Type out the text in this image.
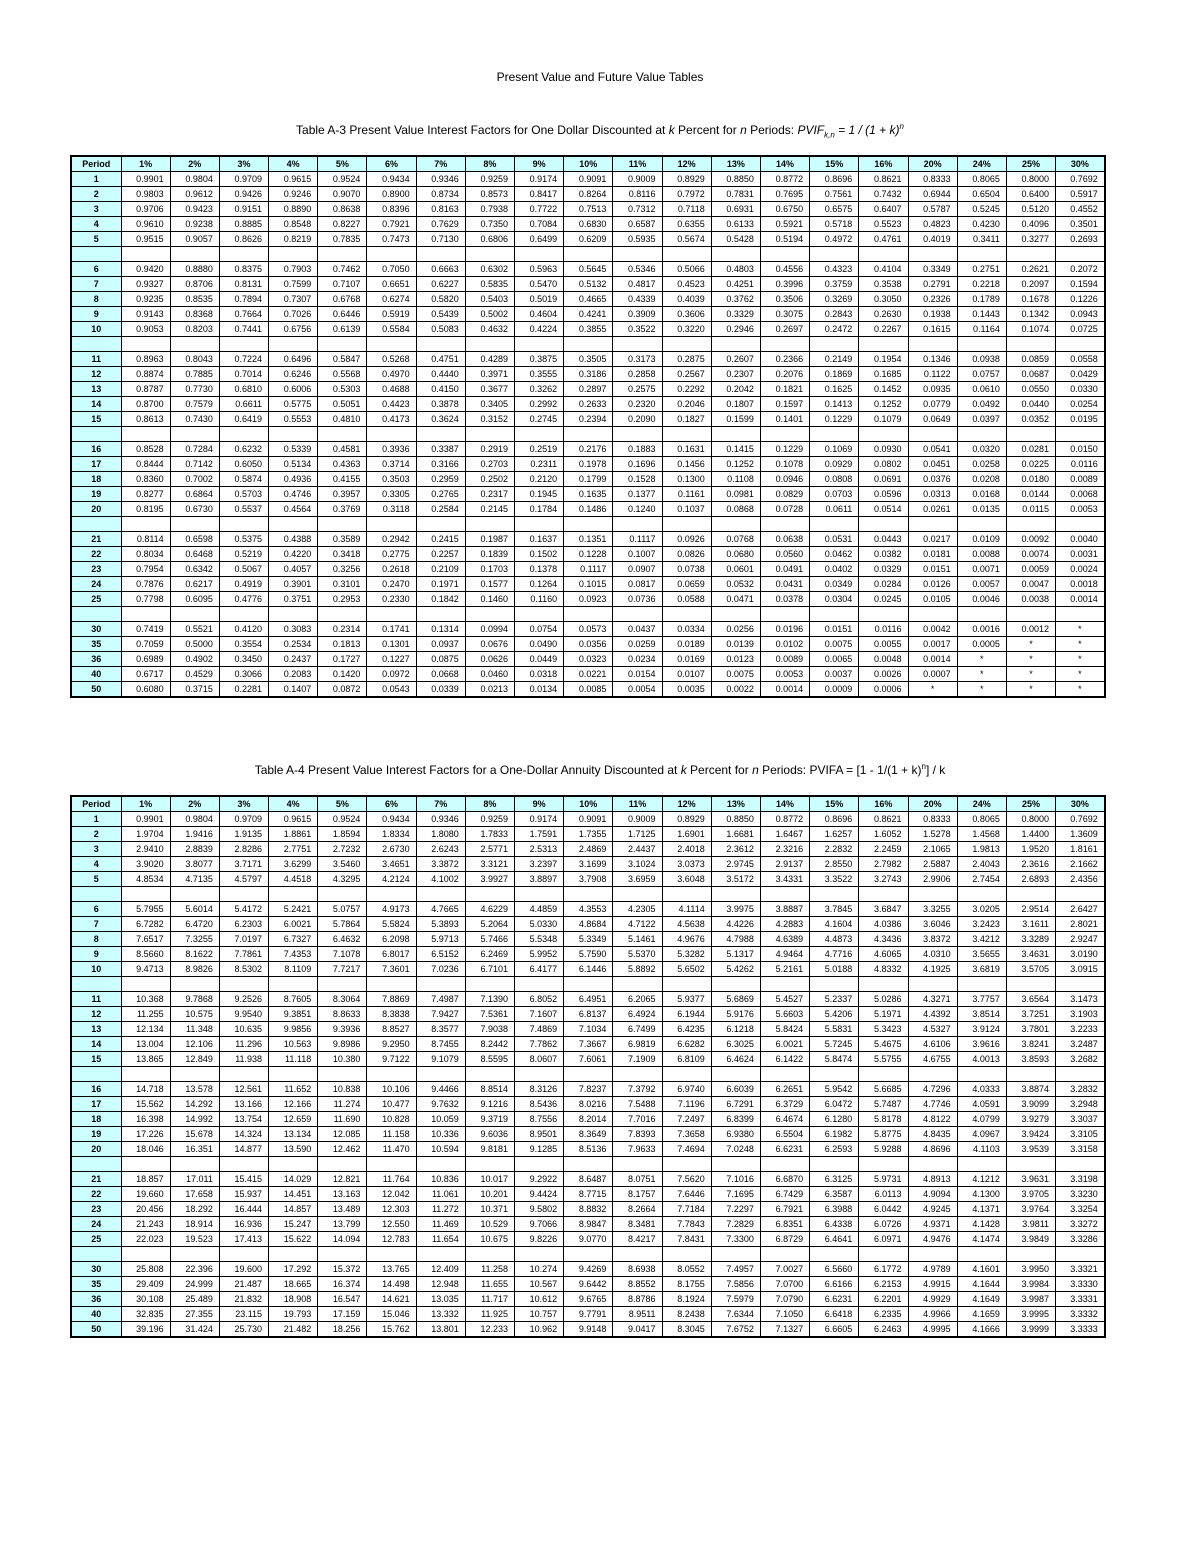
Present Value and Future Value Tables
Table A-3 Present Value Interest Factors for One Dollar Discounted at k Percent for n Periods: $PVIF_{k,n} = 1 / (1 + k)^n$
Period	1%	2%	3%	4%	5%	6%	7%	8%	9%	10%	11%	12%	13%	14%	15%	16%	20%	24%	25%	30%
1	0.9901	0.9804	0.9709	0.9615	0.9524	0.9434	0.9346	0.9259	0.9174	0.9091	0.9009	0.8929	0.8850	0.8772	0.8696	0.8621	0.8333	0.8065	0.8000	0.7692
2	0.9803	0.9612	0.9426	0.9246	0.9070	0.8900	0.8734	0.8573	0.8417	0.8264	0.8116	0.7972	0.7831	0.7695	0.7561	0.7432	0.6944	0.6504	0.6400	0.5917
3	0.9706	0.9423	0.9151	0.8890	0.8638	0.8396	0.8163	0.7938	0.7722	0.7513	0.7312	0.7118	0.6931	0.6750	0.6575	0.6407	0.5787	0.5245	0.5120	0.4552
4	0.9610	0.9238	0.8885	0.8548	0.8227	0.7921	0.7629	0.7350	0.7084	0.6830	0.6587	0.6355	0.6133	0.5921	0.5718	0.5523	0.4823	0.4230	0.4096	0.3501
5	0.9515	0.9057	0.8626	0.8219	0.7835	0.7473	0.7130	0.6806	0.6499	0.6209	0.5935	0.5674	0.5428	0.5194	0.4972	0.4761	0.4019	0.3411	0.3277	0.2693

6	0.9420	0.8880	0.8375	0.7903	0.7462	0.7050	0.6663	0.6302	0.5963	0.5645	0.5346	0.5066	0.4803	0.4556	0.4323	0.4104	0.3349	0.2751	0.2621	0.2072
7	0.9327	0.8706	0.8131	0.7599	0.7107	0.6651	0.6227	0.5835	0.5470	0.5132	0.4817	0.4523	0.4251	0.3996	0.3759	0.3538	0.2791	0.2218	0.2097	0.1594
8	0.9235	0.8535	0.7894	0.7307	0.6768	0.6274	0.5820	0.5403	0.5019	0.4665	0.4339	0.4039	0.3762	0.3506	0.3269	0.3050	0.2326	0.1789	0.1678	0.1226
9	0.9143	0.8368	0.7664	0.7026	0.6446	0.5919	0.5439	0.5002	0.4604	0.4241	0.3909	0.3606	0.3329	0.3075	0.2843	0.2630	0.1938	0.1443	0.1342	0.0943
10	0.9053	0.8203	0.7441	0.6756	0.6139	0.5584	0.5083	0.4632	0.4224	0.3855	0.3522	0.3220	0.2946	0.2697	0.2472	0.2267	0.1615	0.1164	0.1074	0.0725

11	0.8963	0.8043	0.7224	0.6496	0.5847	0.5268	0.4751	0.4289	0.3875	0.3505	0.3173	0.2875	0.2607	0.2366	0.2149	0.1954	0.1346	0.0938	0.0859	0.0558
12	0.8874	0.7885	0.7014	0.6246	0.5568	0.4970	0.4440	0.3971	0.3555	0.3186	0.2858	0.2567	0.2307	0.2076	0.1869	0.1685	0.1122	0.0757	0.0687	0.0429
13	0.8787	0.7730	0.6810	0.6006	0.5303	0.4688	0.4150	0.3677	0.3262	0.2897	0.2575	0.2292	0.2042	0.1821	0.1625	0.1452	0.0935	0.0610	0.0550	0.0330
14	0.8700	0.7579	0.6611	0.5775	0.5051	0.4423	0.3878	0.3405	0.2992	0.2633	0.2320	0.2046	0.1807	0.1597	0.1413	0.1252	0.0779	0.0492	0.0440	0.0254
15	0.8613	0.7430	0.6419	0.5553	0.4810	0.4173	0.3624	0.3152	0.2745	0.2394	0.2090	0.1827	0.1599	0.1401	0.1229	0.1079	0.0649	0.0397	0.0352	0.0195

16	0.8528	0.7284	0.6232	0.5339	0.4581	0.3936	0.3387	0.2919	0.2519	0.2176	0.1883	0.1631	0.1415	0.1229	0.1069	0.0930	0.0541	0.0320	0.0281	0.0150
17	0.8444	0.7142	0.6050	0.5134	0.4363	0.3714	0.3166	0.2703	0.2311	0.1978	0.1696	0.1456	0.1252	0.1078	0.0929	0.0802	0.0451	0.0258	0.0225	0.0116
18	0.8360	0.7002	0.5874	0.4936	0.4155	0.3503	0.2959	0.2502	0.2120	0.1799	0.1528	0.1300	0.1108	0.0946	0.0808	0.0691	0.0376	0.0208	0.0180	0.0089
19	0.8277	0.6864	0.5703	0.4746	0.3957	0.3305	0.2765	0.2317	0.1945	0.1635	0.1377	0.1161	0.0981	0.0829	0.0703	0.0596	0.0313	0.0168	0.0144	0.0068
20	0.8195	0.6730	0.5537	0.4564	0.3769	0.3118	0.2584	0.2145	0.1784	0.1486	0.1240	0.1037	0.0868	0.0728	0.0611	0.0514	0.0261	0.0135	0.0115	0.0053

21	0.8114	0.6598	0.5375	0.4388	0.3589	0.2942	0.2415	0.1987	0.1637	0.1351	0.1117	0.0926	0.0768	0.0638	0.0531	0.0443	0.0217	0.0109	0.0092	0.0040
22	0.8034	0.6468	0.5219	0.4220	0.3418	0.2775	0.2257	0.1839	0.1502	0.1228	0.1007	0.0826	0.0680	0.0560	0.0462	0.0382	0.0181	0.0088	0.0074	0.0031
23	0.7954	0.6342	0.5067	0.4057	0.3256	0.2618	0.2109	0.1703	0.1378	0.1117	0.0907	0.0738	0.0601	0.0491	0.0402	0.0329	0.0151	0.0071	0.0059	0.0024
24	0.7876	0.6217	0.4919	0.3901	0.3101	0.2470	0.1971	0.1577	0.1264	0.1015	0.0817	0.0659	0.0532	0.0431	0.0349	0.0284	0.0126	0.0057	0.0047	0.0018
25	0.7798	0.6095	0.4776	0.3751	0.2953	0.2330	0.1842	0.1460	0.1160	0.0923	0.0736	0.0588	0.0471	0.0378	0.0304	0.0245	0.0105	0.0046	0.0038	0.0014

30	0.7419	0.5521	0.4120	0.3083	0.2314	0.1741	0.1314	0.0994	0.0754	0.0573	0.0437	0.0334	0.0256	0.0196	0.0151	0.0116	0.0042	0.0016	0.0012	*
35	0.7059	0.5000	0.3554	0.2534	0.1813	0.1301	0.0937	0.0676	0.0490	0.0356	0.0259	0.0189	0.0139	0.0102	0.0075	0.0055	0.0017	0.0005	*	*
36	0.6989	0.4902	0.3450	0.2437	0.1727	0.1227	0.0875	0.0626	0.0449	0.0323	0.0234	0.0169	0.0123	0.0089	0.0065	0.0048	0.0014	*	*	*
40	0.6717	0.4529	0.3066	0.2083	0.1420	0.0972	0.0668	0.0460	0.0318	0.0221	0.0154	0.0107	0.0075	0.0053	0.0037	0.0026	0.0007	*	*	*
50	0.6080	0.3715	0.2281	0.1407	0.0872	0.0543	0.0339	0.0213	0.0134	0.0085	0.0054	0.0035	0.0022	0.0014	0.0009	0.0006	*	*	*	*
Table A-4 Present Value Interest Factors for a One-Dollar Annuity Discounted at k Percent for n Periods: PVIFA = $[1 - 1/(1 + k)^n] / k$
Period	1%	2%	3%	4%	5%	6%	7%	8%	9%	10%	11%	12%	13%	14%	15%	16%	20%	24%	25%	30%
1	0.9901	0.9804	0.9709	0.9615	0.9524	0.9434	0.9346	0.9259	0.9174	0.9091	0.9009	0.8929	0.8850	0.8772	0.8696	0.8621	0.8333	0.8065	0.8000	0.7692
2	1.9704	1.9416	1.9135	1.8861	1.8594	1.8334	1.8080	1.7833	1.7591	1.7355	1.7125	1.6901	1.6681	1.6467	1.6257	1.6052	1.5278	1.4568	1.4400	1.3609
3	2.9410	2.8839	2.8286	2.7751	2.7232	2.6730	2.6243	2.5771	2.5313	2.4869	2.4437	2.4018	2.3612	2.3216	2.2832	2.2459	2.1065	1.9813	1.9520	1.8161
4	3.9020	3.8077	3.7171	3.6299	3.5460	3.4651	3.3872	3.3121	3.2397	3.1699	3.1024	3.0373	2.9745	2.9137	2.8550	2.7982	2.5887	2.4043	2.3616	2.1662
5	4.8534	4.7135	4.5797	4.4518	4.3295	4.2124	4.1002	3.9927	3.8897	3.7908	3.6959	3.6048	3.5172	3.4331	3.3522	3.2743	2.9906	2.7454	2.6893	2.4356

6	5.7955	5.6014	5.4172	5.2421	5.0757	4.9173	4.7665	4.6229	4.4859	4.3553	4.2305	4.1114	3.9975	3.8887	3.7845	3.6847	3.3255	3.0205	2.9514	2.6427
7	6.7282	6.4720	6.2303	6.0021	5.7864	5.5824	5.3893	5.2064	5.0330	4.8684	4.7122	4.5638	4.4226	4.2883	4.1604	4.0386	3.6046	3.2423	3.1611	2.8021
8	7.6517	7.3255	7.0197	6.7327	6.4632	6.2098	5.9713	5.7466	5.5348	5.3349	5.1461	4.9676	4.7988	4.6389	4.4873	4.3436	3.8372	3.4212	3.3289	2.9247
9	8.5660	8.1622	7.7861	7.4353	7.1078	6.8017	6.5152	6.2469	5.9952	5.7590	5.5370	5.3282	5.1317	4.9464	4.7716	4.6065	4.0310	3.5655	3.4631	3.0190
10	9.4713	8.9826	8.5302	8.1109	7.7217	7.3601	7.0236	6.7101	6.4177	6.1446	5.8892	5.6502	5.4262	5.2161	5.0188	4.8332	4.1925	3.6819	3.5705	3.0915

11	10.368	9.7868	9.2526	8.7605	8.3064	7.8869	7.4987	7.1390	6.8052	6.4951	6.2065	5.9377	5.6869	5.4527	5.2337	5.0286	4.3271	3.7757	3.6564	3.1473
12	11.255	10.575	9.9540	9.3851	8.8633	8.3838	7.9427	7.5361	7.1607	6.8137	6.4924	6.1944	5.9176	5.6603	5.4206	5.1971	4.4392	3.8514	3.7251	3.1903
13	12.134	11.348	10.635	9.9856	9.3936	8.8527	8.3577	7.9038	7.4869	7.1034	6.7499	6.4235	6.1218	5.8424	5.5831	5.3423	4.5327	3.9124	3.7801	3.2233
14	13.004	12.106	11.296	10.563	9.8986	9.2950	8.7455	8.2442	7.7862	7.3667	6.9819	6.6282	6.3025	6.0021	5.7245	5.4675	4.6106	3.9616	3.8241	3.2487
15	13.865	12.849	11.938	11.118	10.380	9.7122	9.1079	8.5595	8.0607	7.6061	7.1909	6.8109	6.4624	6.1422	5.8474	5.5755	4.6755	4.0013	3.8593	3.2682

16	14.718	13.578	12.561	11.652	10.838	10.106	9.4466	8.8514	8.3126	7.8237	7.3792	6.9740	6.6039	6.2651	5.9542	5.6685	4.7296	4.0333	3.8874	3.2832
17	15.562	14.292	13.166	12.166	11.274	10.477	9.7632	9.1216	8.5436	8.0216	7.5488	7.1196	6.7291	6.3729	6.0472	5.7487	4.7746	4.0591	3.9099	3.2948
18	16.398	14.992	13.754	12.659	11.690	10.828	10.059	9.3719	8.7556	8.2014	7.7016	7.2497	6.8399	6.4674	6.1280	5.8178	4.8122	4.0799	3.9279	3.3037
19	17.226	15.678	14.324	13.134	12.085	11.158	10.336	9.6036	8.9501	8.3649	7.8393	7.3658	6.9380	6.5504	6.1982	5.8775	4.8435	4.0967	3.9424	3.3105
20	18.046	16.351	14.877	13.590	12.462	11.470	10.594	9.8181	9.1285	8.5136	7.9633	7.4694	7.0248	6.6231	6.2593	5.9288	4.8696	4.1103	3.9539	3.3158

21	18.857	17.011	15.415	14.029	12.821	11.764	10.836	10.017	9.2922	8.6487	8.0751	7.5620	7.1016	6.6870	6.3125	5.9731	4.8913	4.1212	3.9631	3.3198
22	19.660	17.658	15.937	14.451	13.163	12.042	11.061	10.201	9.4424	8.7715	8.1757	7.6446	7.1695	6.7429	6.3587	6.0113	4.9094	4.1300	3.9705	3.3230
23	20.456	18.292	16.444	14.857	13.489	12.303	11.272	10.371	9.5802	8.8832	8.2664	7.7184	7.2297	6.7921	6.3988	6.0442	4.9245	4.1371	3.9764	3.3254
24	21.243	18.914	16.936	15.247	13.799	12.550	11.469	10.529	9.7066	8.9847	8.3481	7.7843	7.2829	6.8351	6.4338	6.0726	4.9371	4.1428	3.9811	3.3272
25	22.023	19.523	17.413	15.622	14.094	12.783	11.654	10.675	9.8226	9.0770	8.4217	7.8431	7.3300	6.8729	6.4641	6.0971	4.9476	4.1474	3.9849	3.3286

30	25.808	22.396	19.600	17.292	15.372	13.765	12.409	11.258	10.274	9.4269	8.6938	8.0552	7.4957	7.0027	6.5660	6.1772	4.9789	4.1601	3.9950	3.3321
35	29.409	24.999	21.487	18.665	16.374	14.498	12.948	11.655	10.567	9.6442	8.8552	8.1755	7.5856	7.0700	6.6166	6.2153	4.9915	4.1644	3.9984	3.3330
36	30.108	25.489	21.832	18.908	16.547	14.621	13.035	11.717	10.612	9.6765	8.8786	8.1924	7.5979	7.0790	6.6231	6.2201	4.9929	4.1649	3.9987	3.3331
40	32.835	27.355	23.115	19.793	17.159	15.046	13.332	11.925	10.757	9.7791	8.9511	8.2438	7.6344	7.1050	6.6418	6.2335	4.9966	4.1659	3.9995	3.3332
50	39.196	31.424	25.730	21.482	18.256	15.762	13.801	12.233	10.962	9.9148	9.0417	8.3045	7.6752	7.1327	6.6605	6.2463	4.9995	4.1666	3.9999	3.3333
